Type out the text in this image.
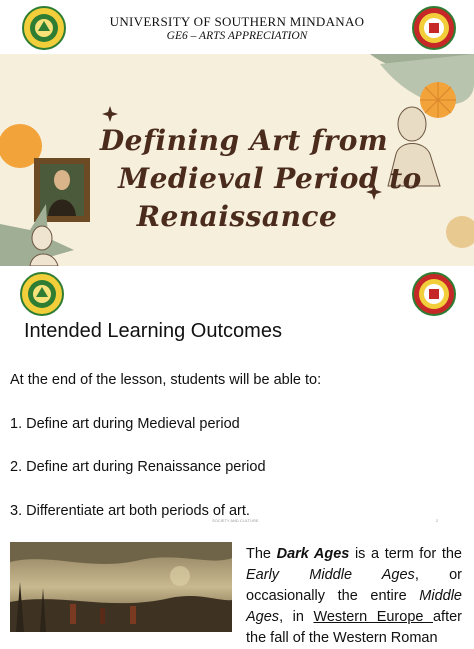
UNIVERSITY OF SOUTHERN MINDANAO
GE6 – ARTS APPRECIATION
Defining Art from
Medieval Period to
Renaissance
Intended Learning Outcomes
At the end of the lesson, students will be able to:
1. Define art during Medieval period
2. Define art during Renaissance period
3. Differentiate art both periods of art.
SOCIETY AND CULTURE	2
The Dark Ages is a term for the Early Middle Ages, or occasionally the entire Middle Ages, in Western Europe after the fall of the Western Roman
